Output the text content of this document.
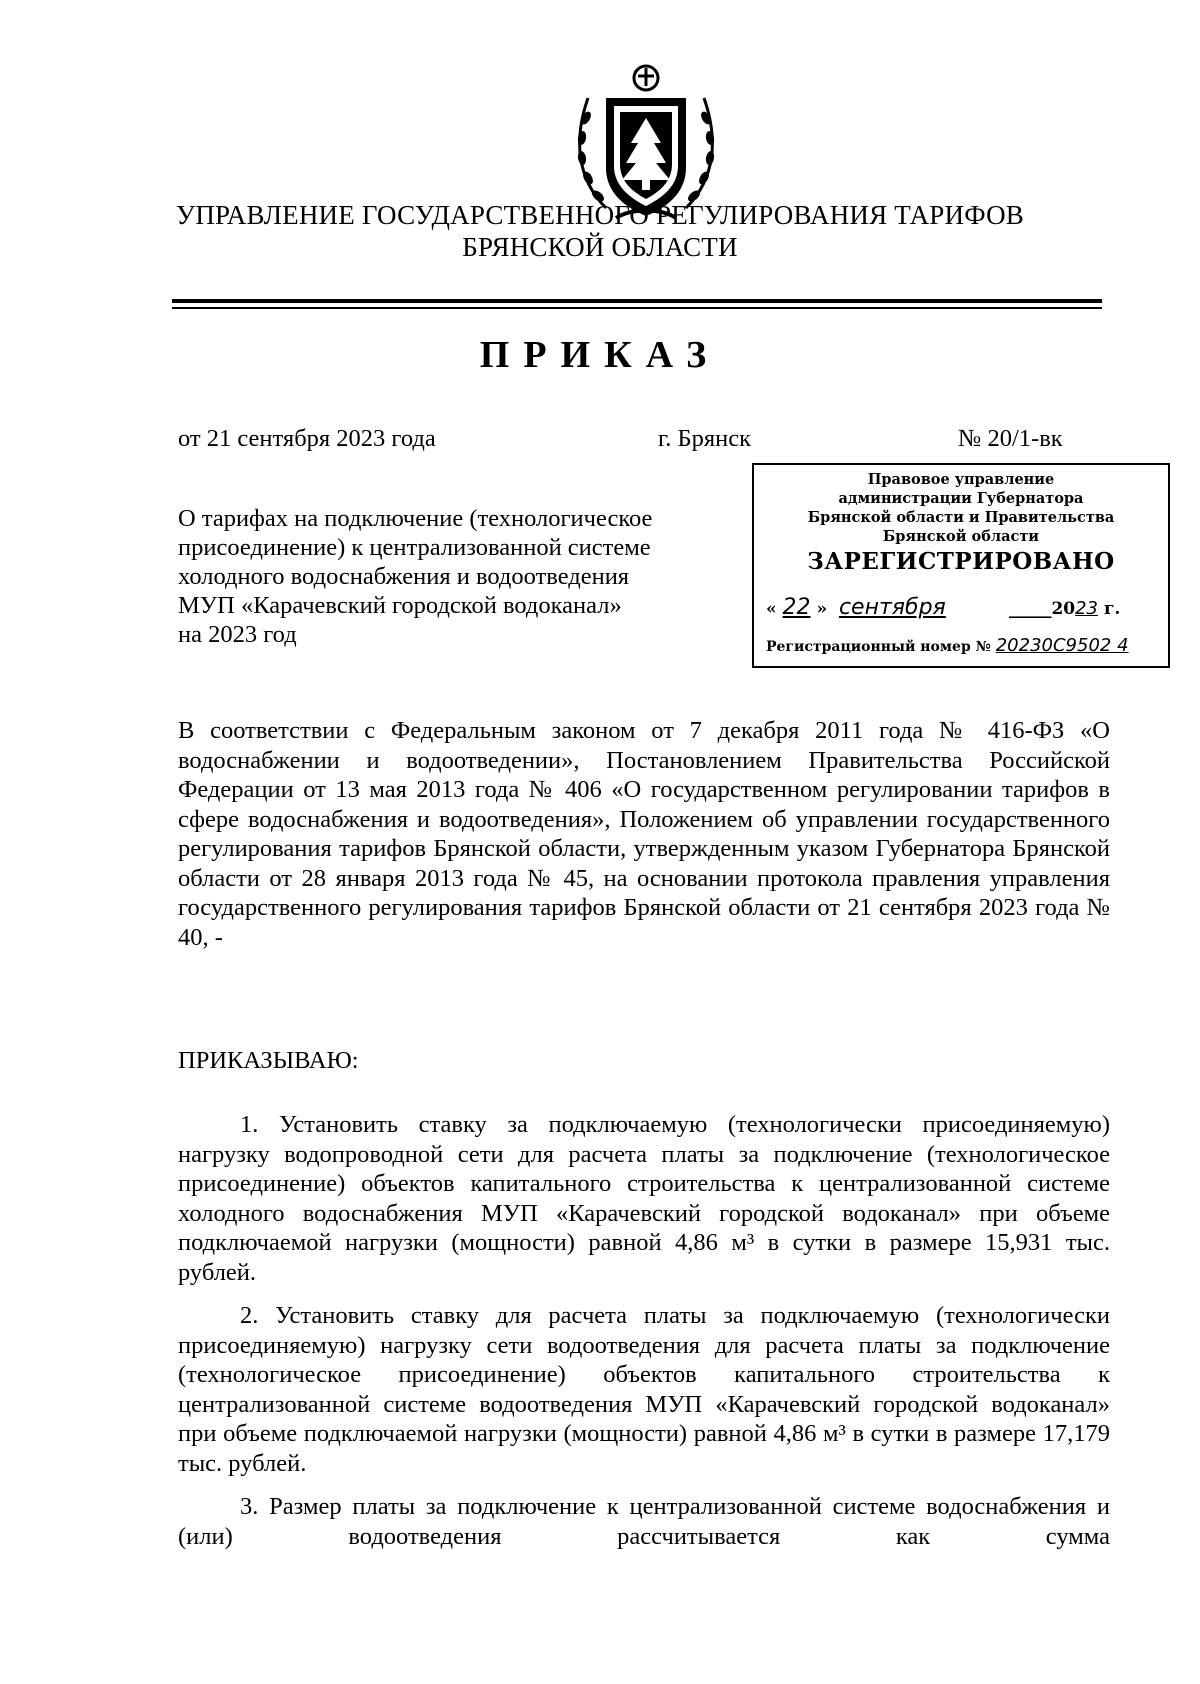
УПРАВЛЕНИЕ ГОСУДАРСТВЕННОГО РЕГУЛИРОВАНИЯ ТАРИФОВ
БРЯНСКОЙ ОБЛАСТИ
ПРИКАЗ
от 21 сентября 2023 года	г. Брянск	№ 20/1-вк
О тарифах на подключение (технологическое
присоединение) к централизованной системе
холодного водоснабжения и водоотведения
МУП «Карачевский городской водоканал»
на 2023 год
Правовое управление
администрации Губернатора
Брянской области и Правительства
Брянской области
ЗАРЕГИСТРИРОВАНО
« 22 »  сентября	_____2023 г.
Регистрационный номер № 20230С9502 4
В соответствии с Федеральным законом от 7 декабря 2011 года № 416-ФЗ «О водоснабжении и водоотведении», Постановлением Правительства Российской Федерации от 13 мая 2013 года № 406 «О государственном регулировании тарифов в сфере водоснабжения и водоотведения», Положением об управлении государственного регулирования тарифов Брянской области, утвержденным указом Губернатора Брянской области от 28 января 2013 года № 45, на основании протокола правления управления государственного регулирования тарифов Брянской области от 21 сентября 2023 года № 40, -
ПРИКАЗЫВАЮ:
1. Установить ставку за подключаемую (технологически присоединяемую) нагрузку водопроводной сети для расчета платы за подключение (технологическое присоединение) объектов капитального строительства к централизованной системе холодного водоснабжения МУП «Карачевский городской водоканал» при объеме подключаемой нагрузки (мощности) равной 4,86 м³ в сутки в размере 15,931 тыс. рублей.
2. Установить ставку для расчета платы за подключаемую (технологически присоединяемую) нагрузку сети водоотведения для расчета платы за подключение (технологическое присоединение) объектов капитального строительства к централизованной системе водоотведения МУП «Карачевский городской водоканал» при объеме подключаемой нагрузки (мощности) равной 4,86 м³ в сутки в размере 17,179 тыс. рублей.
3. Размер платы за подключение к централизованной системе водоснабжения и (или) водоотведения рассчитывается как сумма
